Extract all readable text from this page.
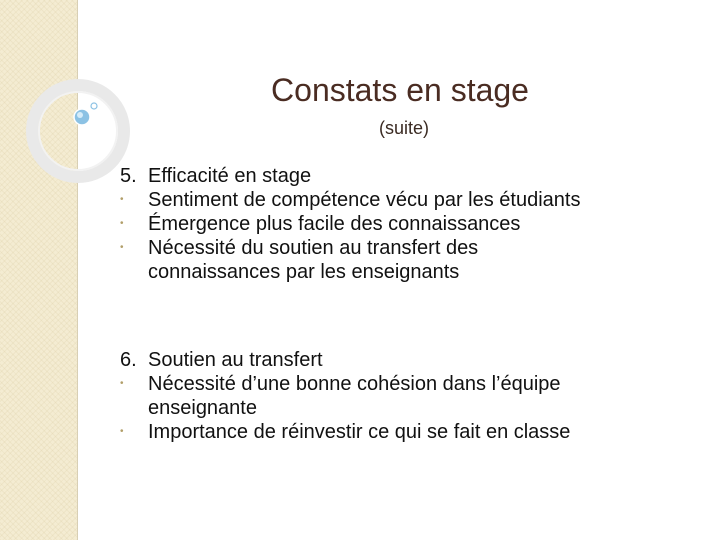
Constats en stage

(suite)

5. Efficacité en stage

•	Sentiment de compétence vécu par les étudiants

•	Émergence plus facile des connaissances

•	Nécessité du soutien au transfert des connaissances par les enseignants

6. Soutien au transfert

•	Nécessité d’une bonne cohésion dans l’équipe enseignante

•	Importance de réinvestir ce qui se fait en classe
